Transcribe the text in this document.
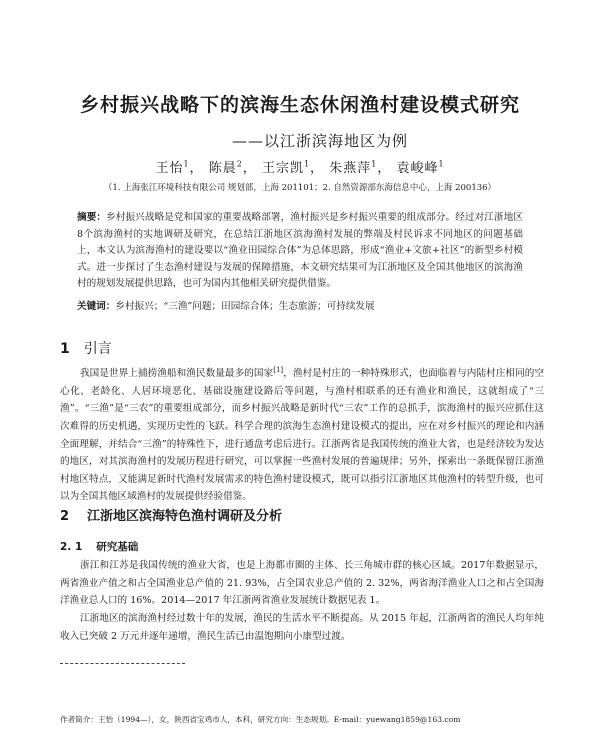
乡村振兴战略下的滨海生态休闲渔村建设模式研究
——以江浙滨海地区为例
王怡$^1$， 陈晨$^2$， 王宗凯$^1$， 朱燕萍$^1$， 袁峻峰$^1$
（1. 上海张江环境科技有限公司 规划部，上海 201101；2. 自然资源部东海信息中心，上海 200136）
摘要：乡村振兴战略是党和国家的重要战略部署，渔村振兴是乡村振兴重要的组成部分。经过对江浙地区8个滨海渔村的实地调研及研究，在总结江浙地区滨海渔村发展的弊端及村民诉求不同地区的问题基础上，本文认为滨海渔村的建设要以“渔业田园综合体”为总体思路，形成“渔业+文旅+社区”的新型乡村模式。进一步探讨了生态渔村建设与发展的保障措施，本文研究结果可为江浙地区及全国其他地区的滨海渔村的规划发展提供思路，也可为国内其他相关研究提供借鉴。
关键词：乡村振兴；“三渔”问题；田园综合体；生态旅游；可持续发展
1 引言
我国是世界上捕捞渔船和渔民数量最多的国家[1]，渔村是村庄的一种特殊形式，也面临着与内陆村庄相同的空心化、老龄化、人居环境恶化、基础设施建设路后等问题，与渔村相联系的还有渔业和渔民，这就组成了“三渔”。“三渔”是“三农”的重要组成部分，而乡村振兴战略是新时代“三农”工作的总抓手，滨海渔村的振兴应抓住这次难得的历史机遇，实现历史性的飞跃。科学合理的滨海生态渔村建设模式的提出，应在对乡村振兴的理论和内涵全面理解，并结合“三渔”的特殊性下，进行通盘考虑后进行。江浙两省是我国传统的渔业大省，也是经济较为发达的地区，对其滨海渔村的发展历程进行研究，可以掌握一些渔村发展的普遍规律；另外，探索出一条既保留江浙渔村地区特点，又能满足新时代渔村发展需求的特色渔村建设模式，既可以指引江浙地区其他渔村的转型升级，也可以为全国其他区域渔村的发展提供经验借鉴。
2 江浙地区滨海特色渔村调研及分析
2. 1 研究基础
浙江和江苏是我国传统的渔业大省，也是上海都市圈的主体、长三角城市群的核心区域。2017年数据显示，两省渔业产值之和占全国渔业总产值的 21. 93%，占全国农业总产值的 2. 32%，两省海洋渔业人口之和占全国海洋渔业总人口的 16%。2014—2017 年江浙两省渔业发展统计数据见表 1。
江浙地区的滨海渔村经过数十年的发展，渔民的生活水平不断提高。从 2015 年起，江浙两省的渔民人均年纯收入已突破 2 万元并逐年递增，渔民生活已由温饱期向小康型过渡。
作者简介：王怡（1994—），女，陕西省宝鸡市人，本科，研究方向：生态规划。E-mail：yuewang1859@163.com
